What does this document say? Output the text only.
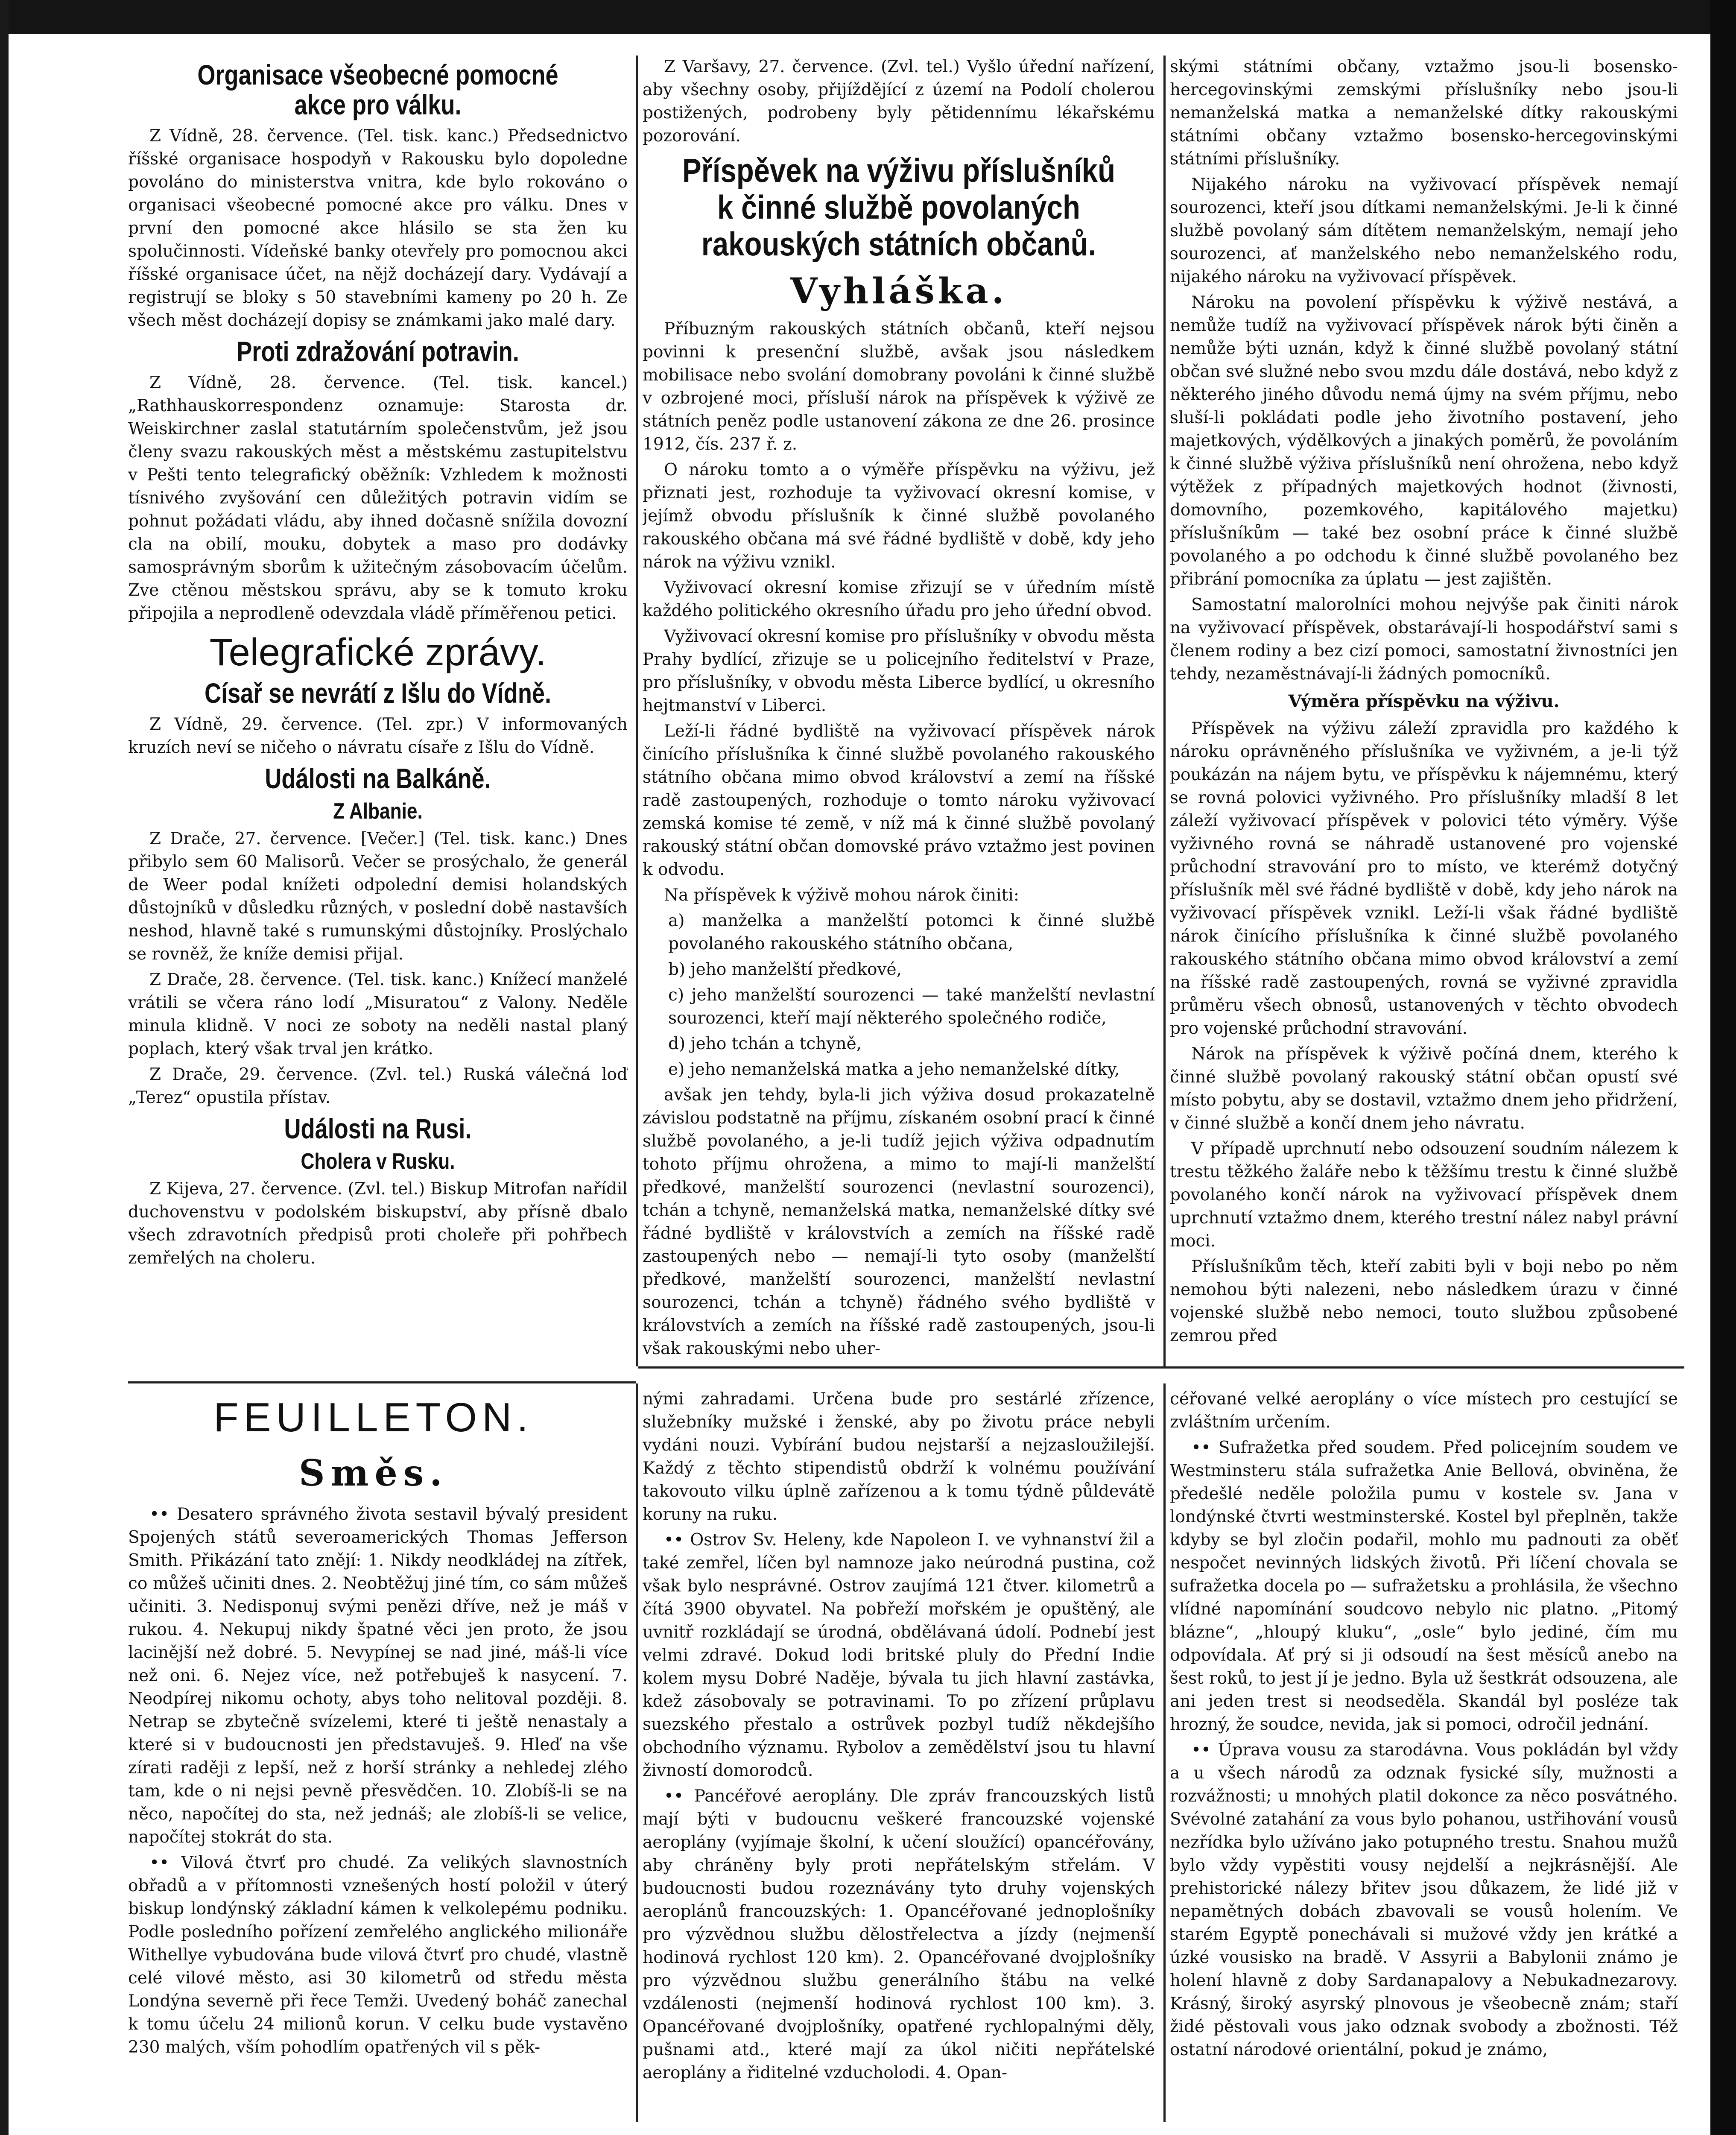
Organisace všeobecné pomocné akce pro válku.

Z Vídně, 28. července. (Tel. tisk. kanc.) Předsednictvo říšské organisace hospodyň v Rakousku bylo dopoledne povoláno do ministerstva vnitra, kde bylo rokováno o organisaci všeobecné pomocné akce pro válku. Dnes v první den pomocné akce hlásilo se sta žen ku spolučinnosti. Vídeňské banky otevřely pro pomocnou akci říšské organisace účet, na nějž docházejí dary. Vydávají a registrují se bloky s 50 stavebními kameny po 20 h. Ze všech měst docházejí dopisy se známkami jako malé dary.

Proti zdražování potravin.

Z Vídně, 28. července. (Tel. tisk. kancel.) „Rathhauskorrespondenz oznamuje: Starosta dr. Weiskirchner zaslal statutárním společenstvům, jež jsou členy svazu rakouských měst a městskému zastupitelstvu v Pešti tento telegrafický oběžník: Vzhledem k možnosti tísnivého zvyšování cen důležitých potravin vidím se pohnut požádati vládu, aby ihned dočasně snížila dovozní cla na obilí, mouku, dobytek a maso pro dodávky samosprávným sborům k užitečným zásobovacím účelům. Zve ctěnou městskou správu, aby se k tomuto kroku připojila a neprodleně odevzdala vládě příměřenou petici.

Telegrafické zprávy.
Císař se nevrátí z Išlu do Vídně.

Z Vídně, 29. července. (Tel. zpr.) V informovaných kruzích neví se ničeho o návratu císaře z Išlu do Vídně.

Události na Balkáně.
Z Albanie.

Z Drače, 27. července. [Večer.] (Tel. tisk. kanc.) Dnes přibylo sem 60 Malisorů. Večer se prosýchalo, že generál de Weer podal knížeti odpolední demisi holandských důstojníků v důsledku různých, v poslední době nastavších neshod, hlavně také s rumunskými důstojníky. Proslýchalo se rovněž, že kníže demisi přijal.

Z Drače, 28. července. (Tel. tisk. kanc.) Knížecí manželé vrátili se včera ráno lodí „Misuratou“ z Valony. Neděle minula klidně. V noci ze soboty na neděli nastal planý poplach, který však trval jen krátko.

Z Drače, 29. července. (Zvl. tel.) Ruská válečná loď „Terez“ opustila přístav.

Události na Rusi.
Cholera v Rusku.

Z Kijeva, 27. července. (Zvl. tel.) Biskup Mitrofan nařídil duchovenstvu v podolském biskupství, aby přísně dbalo všech zdravotních předpisů proti choleře při pohřbech zemřelých na choleru.

Z Varšavy, 27. července. (Zvl. tel.) Vyšlo úřední nařízení, aby všechny osoby, přijíždějící z území na Podolí cholerou postižených, podrobeny byly pětidennímu lékařskému pozorování.

Příspěvek na výživu příslušníků k činné službě povolaných rakouských státních občanů.
Vyhláška.

Příbuzným rakouských státních občanů, kteří nejsou povinni k presenční službě, avšak jsou následkem mobilisace nebo svolání domobrany povoláni k činné službě v ozbrojené moci, přísluší nárok na příspěvek k výživě ze státních peněz podle ustanovení zákona ze dne 26. prosince 1912, čís. 237 ř. z.

O nároku tomto a o výměře příspěvku na výživu, jež přiznati jest, rozhoduje ta vyživovací okresní komise, v jejímž obvodu příslušník k činné službě povolaného rakouského občana má své řádné bydliště v době, kdy jeho nárok na výživu vznikl.

Vyživovací okresní komise zřizují se v úředním místě každého politického okresního úřadu pro jeho úřední obvod.

Vyživovací okresní komise pro příslušníky v obvodu města Prahy bydlící, zřizuje se u policejního ředitelství v Praze, pro příslušníky, v obvodu města Liberce bydlící, u okresního hejtmanství v Liberci.

Leží-li řádné bydliště na vyživovací příspěvek nárok činícího příslušníka k činné službě povolaného rakouského státního občana mimo obvod království a zemí na říšské radě zastoupených, rozhoduje o tomto nároku vyživovací zemská komise té země, v níž má k činné službě povolaný rakouský státní občan domovské právo vztažmo jest povinen k odvodu.

Na příspěvek k výživě mohou nárok činiti:

a) manželka a manželští potomci k činné službě povolaného rakouského státního občana,

b) jeho manželští předkové,

c) jeho manželští sourozenci — také manželští nevlastní sourozenci, kteří mají některého společného rodiče,

d) jeho tchán a tchyně,

e) jeho nemanželská matka a jeho nemanželské dítky,

avšak jen tehdy, byla-li jich výživa dosud prokazatelně závislou podstatně na příjmu, získaném osobní prací k činné službě povolaného, a je-li tudíž jejich výživa odpadnutím tohoto příjmu ohrožena, a mimo to mají-li manželští předkové, manželští sourozenci (nevlastní sourozenci), tchán a tchyně, nemanželská matka, nemanželské dítky své řádné bydliště v královstvích a zemích na říšské radě zastoupených nebo — nemají-li tyto osoby (manželští předkové, manželští sourozenci, manželští nevlastní sourozenci, tchán a tchyně) řádného svého bydliště v královstvích a zemích na říšské radě zastoupených, jsou-li však rakouskými nebo uher-

skými státními občany, vztažmo jsou-li bosensko-hercegovinskými zemskými příslušníky nebo jsou-li nemanželská matka a nemanželské dítky rakouskými státními občany vztažmo bosensko-hercegovinskými státními příslušníky.

Nijakého nároku na vyživovací příspěvek nemají sourozenci, kteří jsou dítkami nemanželskými. Je-li k činné službě povolaný sám dítětem nemanželským, nemají jeho sourozenci, ať manželského nebo nemanželského rodu, nijakého nároku na vyživovací příspěvek.

Nároku na povolení příspěvku k výživě nestává, a nemůže tudíž na vyživovací příspěvek nárok býti činěn a nemůže býti uznán, když k činné službě povolaný státní občan své služné nebo svou mzdu dále dostává, nebo když z některého jiného důvodu nemá újmy na svém příjmu, nebo sluší-li pokládati podle jeho životního postavení, jeho majetkových, výdělkových a jinakých poměrů, že povoláním k činné službě výživa příslušníků není ohrožena, nebo když výtěžek z případných majetkových hodnot (živnosti, domovního, pozemkového, kapitálového majetku) příslušníkům — také bez osobní práce k činné službě povolaného a po odchodu k činné službě povolaného bez přibrání pomocníka za úplatu — jest zajištěn.

Samostatní malorolníci mohou nejvýše pak činiti nárok na vyživovací příspěvek, obstarávají-li hospodářství sami s členem rodiny a bez cizí pomoci, samostatní živnostníci jen tehdy, nezaměstnávají-li žádných pomocníků.

Výměra příspěvku na výživu.

Příspěvek na výživu záleží zpravidla pro každého k nároku oprávněného příslušníka ve vyživném, a je-li týž poukázán na nájem bytu, ve příspěvku k nájemnému, který se rovná polovici vyživného. Pro příslušníky mladší 8 let záleží vyživovací příspěvek v polovici této výměry. Výše vyživného rovná se náhradě ustanovené pro vojenské průchodní stravování pro to místo, ve kterémž dotyčný příslušník měl své řádné bydliště v době, kdy jeho nárok na vyživovací příspěvek vznikl. Leží-li však řádné bydliště nárok činícího příslušníka k činné službě povolaného rakouského státního občana mimo obvod království a zemí na říšské radě zastoupených, rovná se vyživné zpravidla průměru všech obnosů, ustanovených v těchto obvodech pro vojenské průchodní stravování.

Nárok na příspěvek k výživě počíná dnem, kterého k činné službě povolaný rakouský státní občan opustí své místo pobytu, aby se dostavil, vztažmo dnem jeho přidržení, v činné službě a končí dnem jeho návratu.

V případě uprchnutí nebo odsouzení soudním nálezem k trestu těžkého žaláře nebo k těžšímu trestu k činné službě povolaného končí nárok na vyživovací příspěvek dnem uprchnutí vztažmo dnem, kterého trestní nález nabyl právní moci.

Příslušníkům těch, kteří zabiti byli v boji nebo po něm nemohou býti nalezeni, nebo následkem úrazu v činné vojenské službě nebo nemoci, touto službou způsobené zemrou před

FEUILLETON.
Směs.

•• Desatero správného života sestavil bývalý president Spojených států severoamerických Thomas Jefferson Smith. Přikázání tato znějí: 1. Nikdy neodkládej na zítřek, co můžeš učiniti dnes. 2. Neobtěžuj jiné tím, co sám můžeš učiniti. 3. Nedisponuj svými penězi dříve, než je máš v rukou. 4. Nekupuj nikdy špatné věci jen proto, že jsou lacinější než dobré. 5. Nevypínej se nad jiné, máš-li více než oni. 6. Nejez více, než potřebuješ k nasycení. 7. Neodpírej nikomu ochoty, abys toho nelitoval později. 8. Netrap se zbytečně svízelemi, které ti ještě nenastaly a které si v budoucnosti jen představuješ. 9. Hleď na vše zírati raději z lepší, než z horší stránky a nehledej zlého tam, kde o ni nejsi pevně přesvědčen. 10. Zlobíš-li se na něco, napočítej do sta, než jednáš; ale zlobíš-li se velice, napočítej stokrát do sta.

•• Vilová čtvrť pro chudé. Za velikých slavnostních obřadů a v přítomnosti vznešených hostí položil v úterý biskup londýnský základní kámen k velkolepému podniku. Podle posledního pořízení zemřelého anglického milionáře Withellye vybudována bude vilová čtvrť pro chudé, vlastně celé vilové město, asi 30 kilometrů od středu města Londýna severně při řece Temži. Uvedený boháč zanechal k tomu účelu 24 milionů korun. V celku bude vystavěno 230 malých, vším pohodlím opatřených vil s pěk-

nými zahradami. Určena bude pro sestárlé zřízence, služebníky mužské i ženské, aby po životu práce nebyli vydáni nouzi. Vybírání budou nejstarší a nejzasloužilejší. Každý z těchto stipendistů obdrží k volnému používání takovouto vilku úplně zařízenou a k tomu týdně půldevátě koruny na ruku.

•• Ostrov Sv. Heleny, kde Napoleon I. ve vyhnanství žil a také zemřel, líčen byl namnoze jako neúrodná pustina, což však bylo nesprávné. Ostrov zaujímá 121 čtver. kilometrů a čítá 3900 obyvatel. Na pobřeží mořském je opuštěný, ale uvnitř rozkládají se úrodná, obdělávaná údolí. Podnebí jest velmi zdravé. Dokud lodi britské pluly do Přední Indie kolem mysu Dobré Naděje, bývala tu jich hlavní zastávka, kdež zásobovaly se potravinami. To po zřízení průplavu suezského přestalo a ostrůvek pozbyl tudíž někdejšího obchodního významu. Rybolov a zemědělství jsou tu hlavní živností domorodců.

•• Pancéřové aeroplány. Dle zpráv francouzských listů mají býti v budoucnu veškeré francouzské vojenské aeroplány (vyjímaje školní, k učení sloužící) opancéřovány, aby chráněny byly proti nepřátelským střelám. V budoucnosti budou rozeznávány tyto druhy vojenských aeroplánů francouzských: 1. Opancéřované jednoplošníky pro výzvědnou službu dělostřelectva a jízdy (nejmenší hodinová rychlost 120 km). 2. Opancéřované dvojplošníky pro výzvědnou službu generálního štábu na velké vzdálenosti (nejmenší hodinová rychlost 100 km). 3. Opancéřované dvojplošníky, opatřené rychlopalnými děly, pušnami atd., které mají za úkol ničiti nepřátelské aeroplány a řiditelné vzducholodi. 4. Opan-

céřované velké aeroplány o více místech pro cestující se zvláštním určením.

•• Sufražetka před soudem. Před policejním soudem ve Westminsteru stála sufražetka Anie Bellová, obviněna, že předešlé neděle položila pumu v kostele sv. Jana v londýnské čtvrti westminsterské. Kostel byl přeplněn, takže kdyby se byl zločin podařil, mohlo mu padnouti za oběť nespočet nevinných lidských životů. Při líčení chovala se sufražetka docela po — sufražetsku a prohlásila, že všechno vlídné napomínání soudcovo nebylo nic platno. „Pitomý blázne“, „hloupý kluku“, „osle“ bylo jediné, čím mu odpovídala. Ať prý si ji odsoudí na šest měsíců anebo na šest roků, to jest jí je jedno. Byla už šestkrát odsouzena, ale ani jeden trest si neodseděla. Skandál byl posléze tak hrozný, že soudce, nevida, jak si pomoci, odročil jednání.

•• Úprava vousu za starodávna. Vous pokládán byl vždy a u všech národů za odznak fysické síly, mužnosti a rozvážnosti; u mnohých platil dokonce za něco posvátného. Svévolné zatahání za vous bylo pohanou, ustřihování vousů nezřídka bylo užíváno jako potupného trestu. Snahou mužů bylo vždy vypěstiti vousy nejdelší a nejkrásnější. Ale prehistorické nálezy břitev jsou důkazem, že lidé již v nepamětných dobách zbavovali se vousů holením. Ve starém Egyptě ponechávali si mužové vždy jen krátké a úzké vousisko na bradě. V Assyrii a Babylonii známo je holení hlavně z doby Sardanapalovy a Nebukadnezarovy. Krásný, široký asyrský plnovous je všeobecně znám; staří židé pěstovali vous jako odznak svobody a zbožnosti. Též ostatní národové orientální, pokud je známo,
